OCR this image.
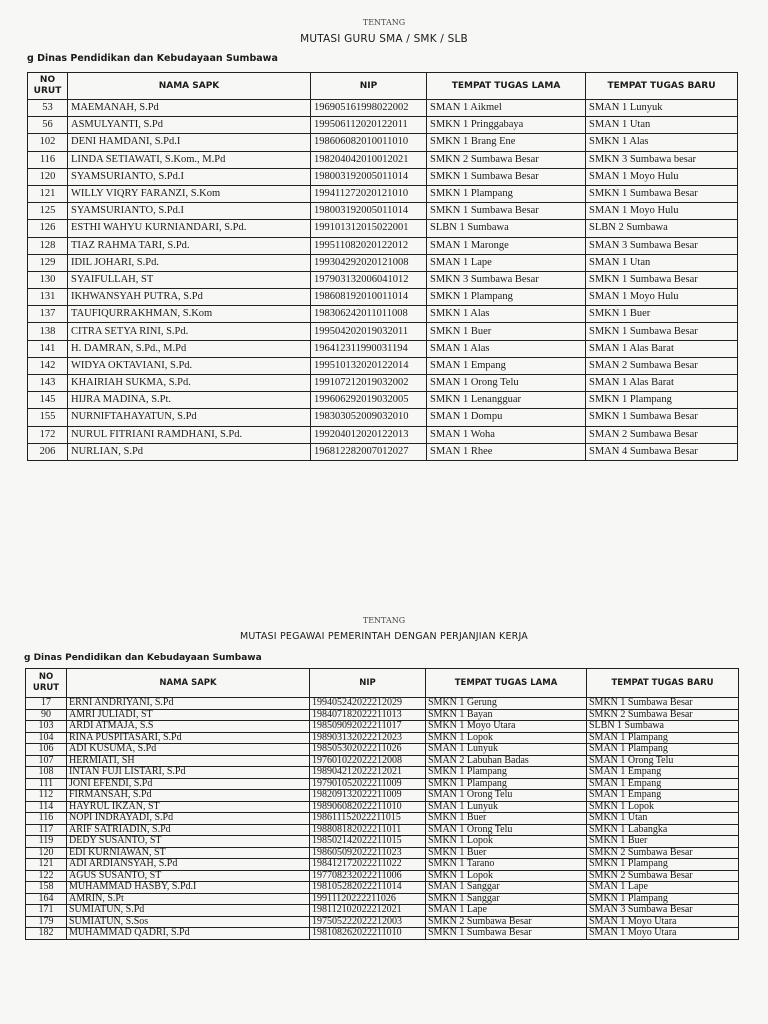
TENTANG
MUTASI GURU SMA / SMK / SLB
g Dinas Pendidikan dan Kebudayaan Sumbawa
NO URUT	NAMA SAPK	NIP	TEMPAT TUGAS LAMA	TEMPAT TUGAS BARU
53	MAEMANAH, S.Pd	196905161998022002	SMAN 1 Aikmel	SMAN 1 Lunyuk
56	ASMULYANTI, S.Pd	199506112020122011	SMKN 1 Pringgabaya	SMAN 1 Utan
102	DENI HAMDANI, S.Pd.I	198606082010011010	SMKN 1 Brang Ene	SMKN 1 Alas
116	LINDA SETIAWATI, S.Kom., M.Pd	198204042010012021	SMKN 2 Sumbawa Besar	SMKN 3 Sumbawa besar
120	SYAMSURIANTO, S.Pd.I	198003192005011014	SMKN 1 Sumbawa Besar	SMAN 1 Moyo Hulu
121	WILLY VIQRY FARANZI, S.Kom	199411272020121010	SMKN 1 Plampang	SMKN 1 Sumbawa Besar
125	SYAMSURIANTO, S.Pd.I	198003192005011014	SMKN 1 Sumbawa Besar	SMAN 1 Moyo Hulu
126	ESTHI WAHYU KURNIANDARI, S.Pd.	199101312015022001	SLBN 1 Sumbawa	SLBN 2 Sumbawa
128	TIAZ RAHMA TARI, S.Pd.	199511082020122012	SMAN 1 Maronge	SMAN 3 Sumbawa Besar
129	IDIL JOHARI, S.Pd.	199304292020121008	SMAN 1 Lape	SMAN 1 Utan
130	SYAIFULLAH, ST	197903132006041012	SMKN 3 Sumbawa Besar	SMKN 1 Sumbawa Besar
131	IKHWANSYAH PUTRA, S.Pd	198608192010011014	SMKN 1 Plampang	SMAN 1 Moyo Hulu
137	TAUFIQURRAKHMAN, S.Kom	198306242011011008	SMKN 1 Alas	SMKN 1 Buer
138	CITRA SETYA RINI, S.Pd.	199504202019032011	SMKN 1 Buer	SMKN 1 Sumbawa Besar
141	H. DAMRAN, S.Pd., M.Pd	196412311990031194	SMAN 1 Alas	SMAN 1 Alas Barat
142	WIDYA OKTAVIANI, S.Pd.	199510132020122014	SMAN 1 Empang	SMAN 2 Sumbawa Besar
143	KHAIRIAH SUKMA, S.Pd.	199107212019032002	SMAN 1 Orong Telu	SMAN 1 Alas Barat
145	HIJRA MADINA, S.Pt.	199606292019032005	SMKN 1 Lenangguar	SMKN 1 Plampang
155	NURNIFTAHAYATUN, S.Pd	198303052009032010	SMAN 1 Dompu	SMKN 1 Sumbawa Besar
172	NURUL FITRIANI RAMDHANI, S.Pd.	199204012020122013	SMAN 1 Woha	SMAN 2 Sumbawa Besar
206	NURLIAN, S.Pd	196812282007012027	SMAN 1 Rhee	SMAN 4 Sumbawa Besar
TENTANG
MUTASI PEGAWAI PEMERINTAH DENGAN PERJANJIAN KERJA
g Dinas Pendidikan dan Kebudayaan Sumbawa
NO URUT	NAMA SAPK	NIP	TEMPAT TUGAS LAMA	TEMPAT TUGAS BARU
17	ERNI ANDRIYANI, S.Pd	199405242022212029	SMKN 1 Gerung	SMKN 1 Sumbawa Besar
90	AMRI JULIADI, ST	198407182022211013	SMKN 1 Bayan	SMKN 2 Sumbawa Besar
103	ARDI ATMAJA, S.S	198509092022211017	SMKN 1 Moyo Utara	SLBN 1 Sumbawa
104	RINA PUSPITASARI, S.Pd	198903132022212023	SMKN 1 Lopok	SMAN 1 Plampang
106	ADI KUSUMA, S.Pd	198505302022211026	SMAN 1 Lunyuk	SMAN 1 Plampang
107	HERMIATI, SH	197601022022212008	SMAN 2 Labuhan Badas	SMAN 1 Orong Telu
108	INTAN FUJI LISTARI, S.Pd	198904212022212021	SMKN 1 Plampang	SMAN 1 Empang
111	JONI EFENDI, S.Pd	197901052022211009	SMKN 1 Plampang	SMAN 1 Empang
112	FIRMANSAH, S.Pd	198209132022211009	SMAN 1 Orong Telu	SMAN 1 Empang
114	HAYRUL IKZAN, ST	198906082022211010	SMAN 1 Lunyuk	SMKN 1 Lopok
116	NOPI INDRAYADI, S.Pd	198611152022211015	SMKN 1 Buer	SMKN 1 Utan
117	ARIF SATRIADIN, S.Pd	198808182022211011	SMAN 1 Orong Telu	SMKN 1 Labangka
119	DEDY SUSANTO, ST	198502142022211015	SMKN 1 Lopok	SMKN 1 Buer
120	EDI KURNIAWAN, ST	198605092022211023	SMKN 1 Buer	SMKN 2 Sumbawa Besar
121	ADI ARDIANSYAH, S.Pd	198412172022211022	SMKN 1 Tarano	SMKN 1 Plampang
122	AGUS SUSANTO, ST	197708232022211006	SMKN 1 Lopok	SMKN 2 Sumbawa Besar
158	MUHAMMAD HASBY, S.Pd.I	198105282022211014	SMAN 1 Sanggar	SMAN 1 Lape
164	AMRIN, S.Pt	19911120222211026	SMKN 1 Sanggar	SMKN 1 Plampang
171	SUMIATUN, S.Pd	198112102022212021	SMAN 1 Lape	SMAN 3 Sumbawa Besar
179	SUMIATUN, S.Sos	197505222022212003	SMKN 2 Sumbawa Besar	SMAN 1 Moyo Utara
182	MUHAMMAD QADRI, S.Pd	198108262022211010	SMKN 1 Sumbawa Besar	SMAN 1 Moyo Utara
